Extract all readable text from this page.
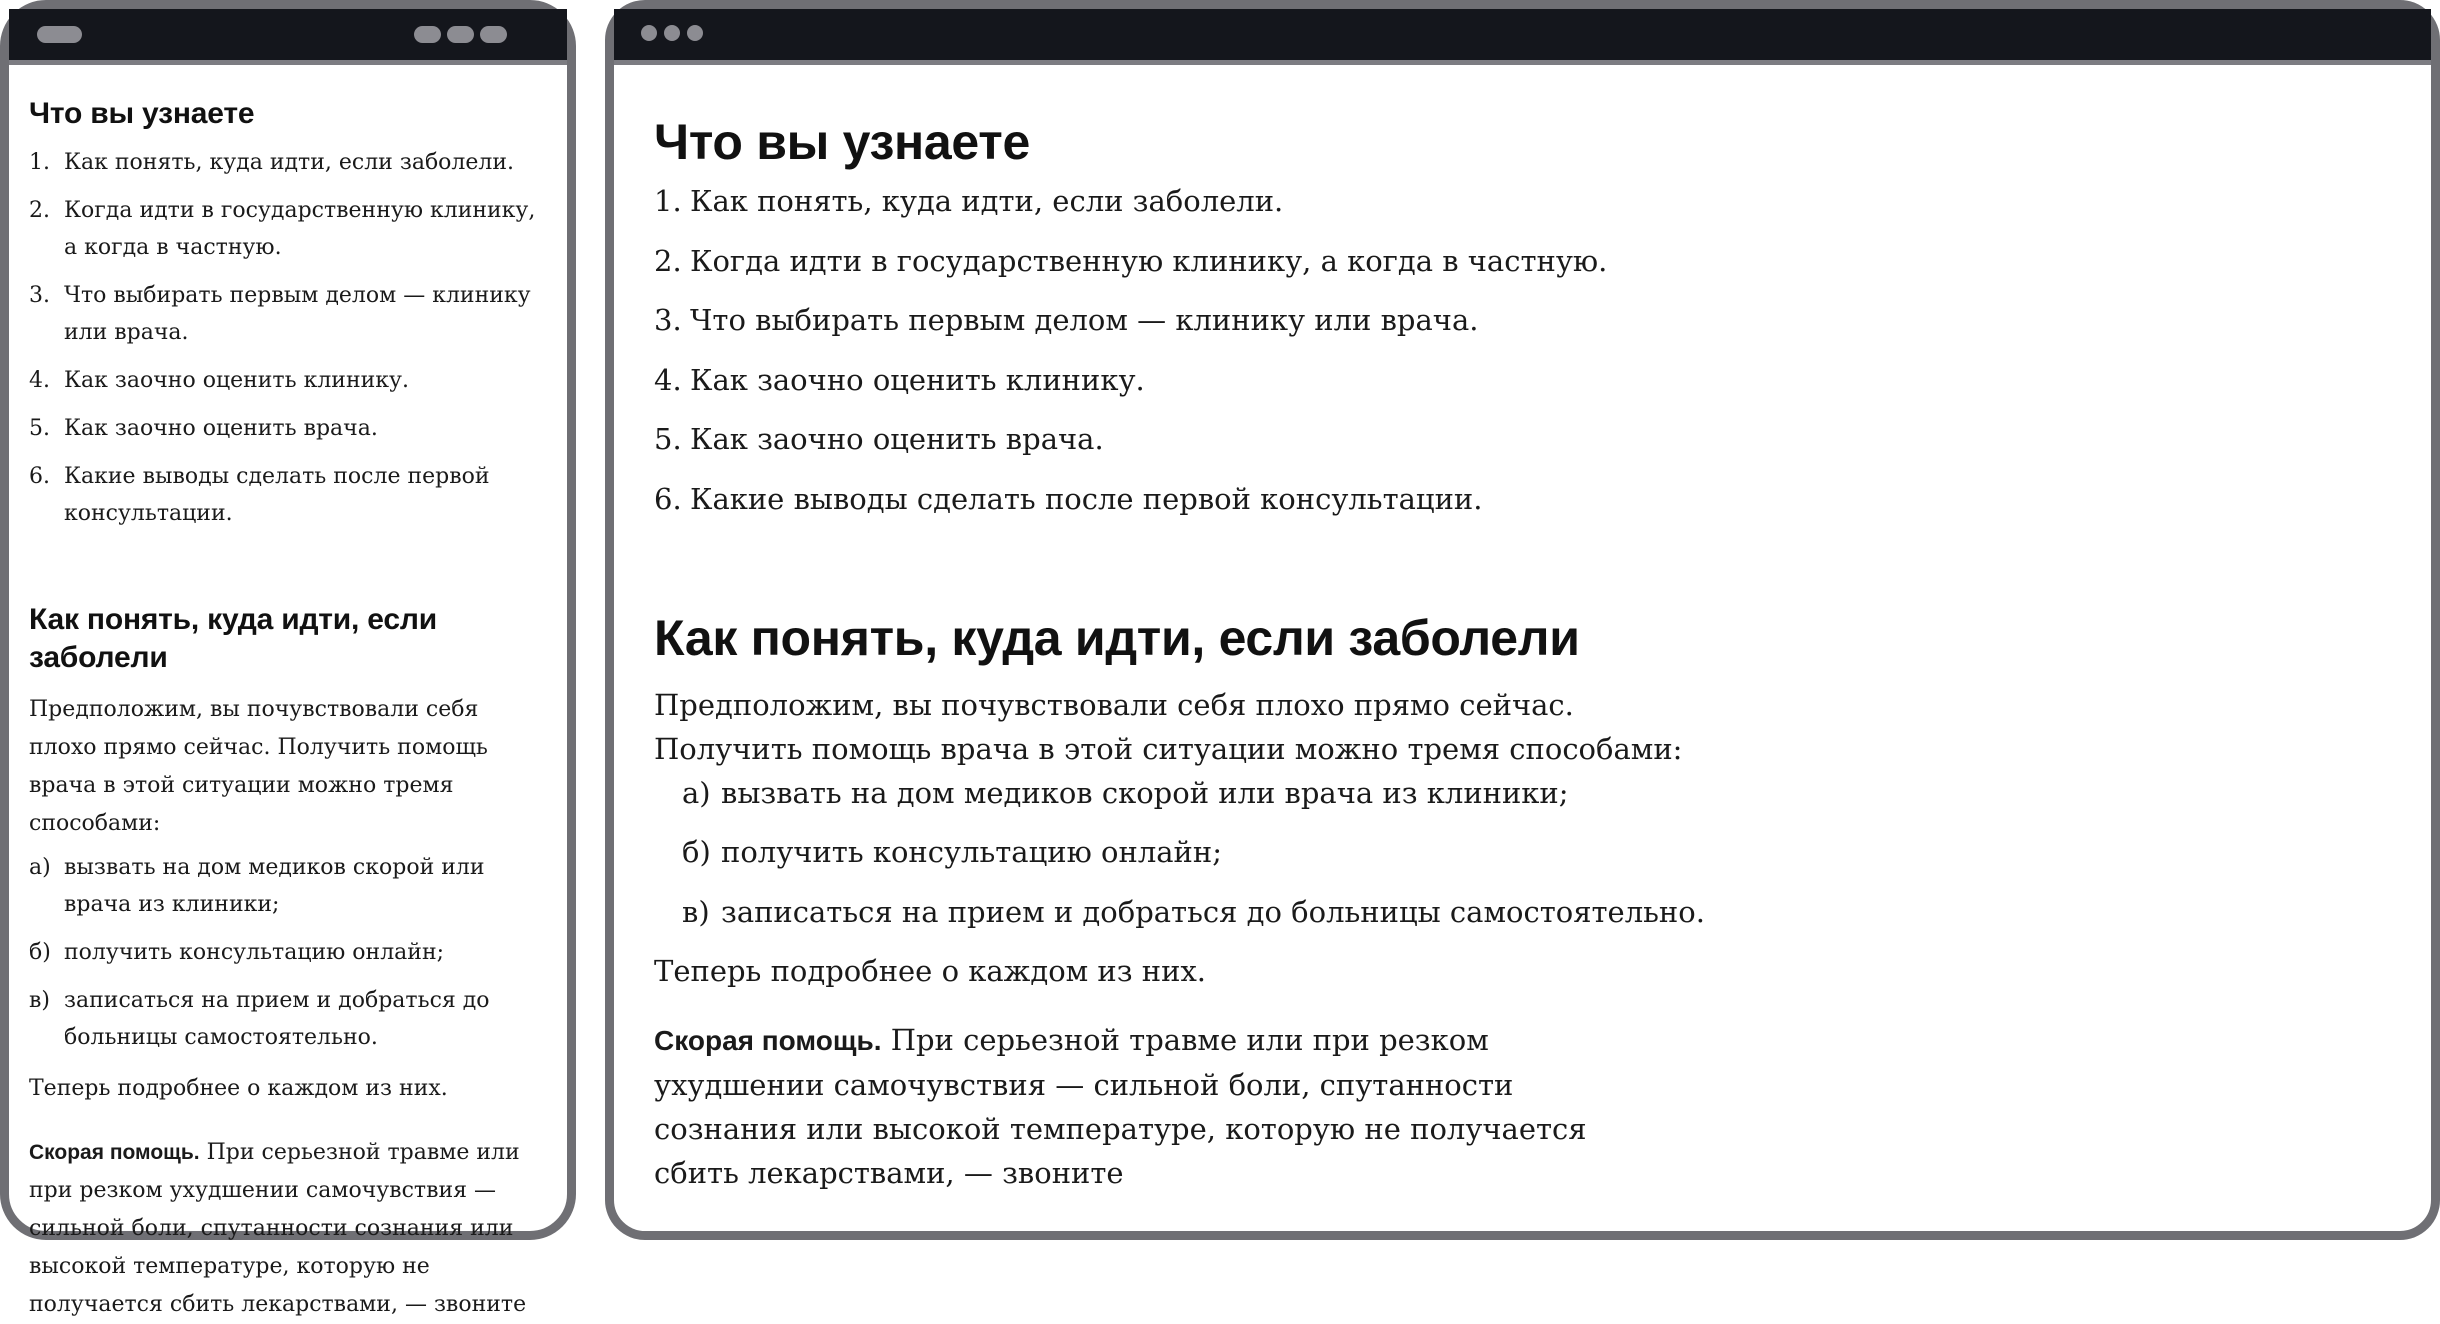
Что вы узнаете
1. Как понять, куда идти, если заболели.
2. Когда идти в государственную клинику, а когда в частную.
3. Что выбирать первым делом — клинику или врача.
4. Как заочно оценить клинику.
5. Как заочно оценить врача.
6. Какие выводы сделать после первой консультации.
Как понять, куда идти, если заболели

Предположим, вы почувствовали себя плохо прямо сейчас. Получить помощь врача в этой ситуации можно тремя способами:

а) вызвать на дом медиков скорой или врача из клиники;
б) получить консультацию онлайн;
в) записаться на прием и добраться до больницы самостоятельно.

Теперь подробнее о каждом из них.

Скорая помощь. При серьезной травме или при резком ухудшении самочувствия — сильной боли, спутанности сознания или высокой температуре, которую не получается сбить лекарствами, — звоните

Что вы узнаете
1. Как понять, куда идти, если заболели.
2. Когда идти в государственную клинику, а когда в частную.
3. Что выбирать первым делом — клинику или врача.
4. Как заочно оценить клинику.
5. Как заочно оценить врача.
6. Какие выводы сделать после первой консультации.
Как понять, куда идти, если заболели

Предположим, вы почувствовали себя плохо прямо сейчас. Получить помощь врача в этой ситуации можно тремя способами:

а) вызвать на дом медиков скорой или врача из клиники;
б) получить консультацию онлайн;
в) записаться на прием и добраться до больницы самостоятельно.

Теперь подробнее о каждом из них.

Скорая помощь. При серьезной травме или при резком ухудшении самочувствия — сильной боли, спутанности сознания или высокой температуре, которую не получается сбить лекарствами, — звоните
